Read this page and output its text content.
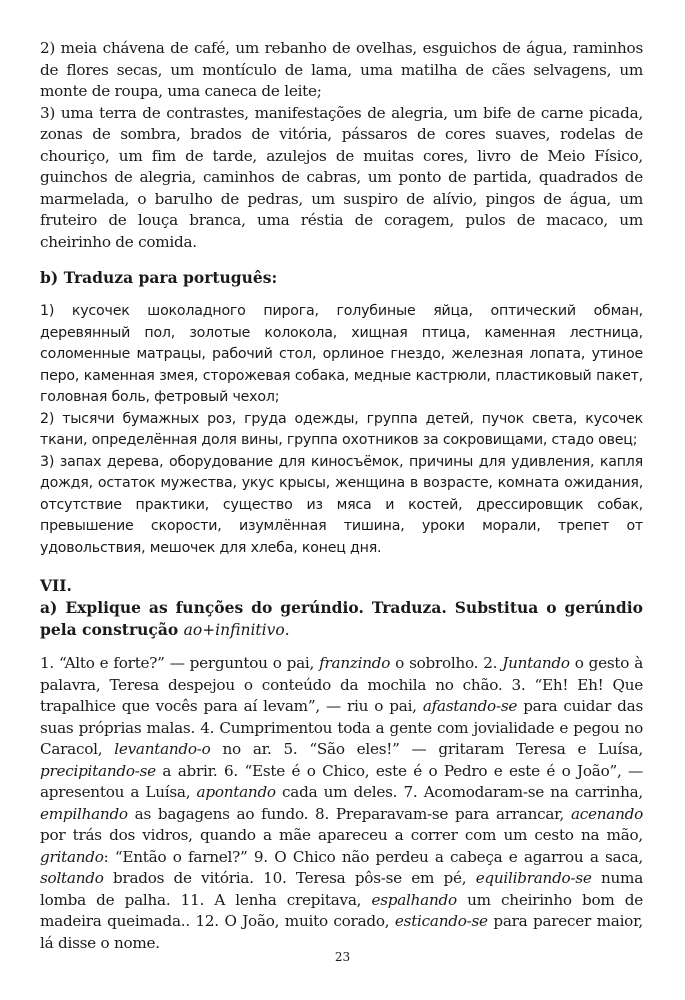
2) meia chávena de café, um rebanho de ovelhas, esguichos de água, raminhos de flores secas, um montículo de lama, uma matilha de cães selvagens, um monte de roupa, uma caneca de leite;

3) uma terra de contrastes, manifestações de alegria, um bife de carne picada, zonas de sombra, brados de vitória, pássaros de cores suaves, rodelas de chouriço, um fim de tarde, azulejos de muitas cores, livro de Meio Físico, guinchos de alegria, caminhos de cabras, um ponto de partida, quadrados de marmelada, o barulho de pedras, um suspiro de alívio, pingos de água, um fruteiro de louça branca, uma réstia de coragem, pulos de macaco, um cheirinho de comida.

b) Traduza para português:

1) кусочек шоколадного пирога, голубиные яйца, оптический обман, деревянный пол, золотые колокола, хищная птица, каменная лестница, соломенные матрацы, рабочий стол, орлиное гнездо, железная лопата, утиное перо, каменная змея, сторожевая собака, медные кастрюли, пластиковый пакет, головная боль, фетровый чехол;

2) тысячи бумажных роз, груда одежды, группа детей, пучок света, кусочек ткани, определённая доля вины, группа охотников за сокровищами, стадо овец;

3) запах дерева, оборудование для киносъёмок, причины для удивления, капля дождя, остаток мужества, укус крысы, женщина в возрасте, комната ожидания, отсутствие практики, существо из мяса и костей, дрессировщик собак, превышение скорости, изумлённая тишина, уроки морали, трепет от удовольствия, мешочек для хлеба, конец дня.

VII.

a) Explique as funções do gerúndio. Traduza. Substitua o gerúndio pela construção ao+infinitivo.

1. “Alto e forte?” — perguntou o pai, franzindo o sobrolho. 2. Juntando o gesto à palavra, Teresa despejou o conteúdo da mochila no chão. 3. “Eh! Eh! Que trapalhice que vocês para aí levam”, — riu o pai, afastando-se para cuidar das suas próprias malas. 4. Cumprimentou toda a gente com jovialidade e pegou no Caracol, levantando-o no ar. 5. “São eles!” — gritaram Teresa e Luísa, precipitando-se a abrir. 6. “Este é o Chico, este é o Pedro e este é o João”, — apresentou a Luísa, apontando cada um deles. 7. Acomodaram-se na carrinha, empilhando as bagagens ao fundo. 8. Preparavam-se para arrancar, acenando por trás dos vidros, quando a mãe apareceu a correr com um cesto na mão, gritando: “Então o farnel?” 9. O Chico não perdeu a cabeça e agarrou a saca, soltando brados de vitória. 10. Teresa pôs-se em pé, equilibrando-se numa lomba de palha. 11. A lenha crepitava, espalhando um cheirinho bom de madeira queimada.. 12. O João, muito corado, esticando-se para parecer maior, lá disse o nome.

23
